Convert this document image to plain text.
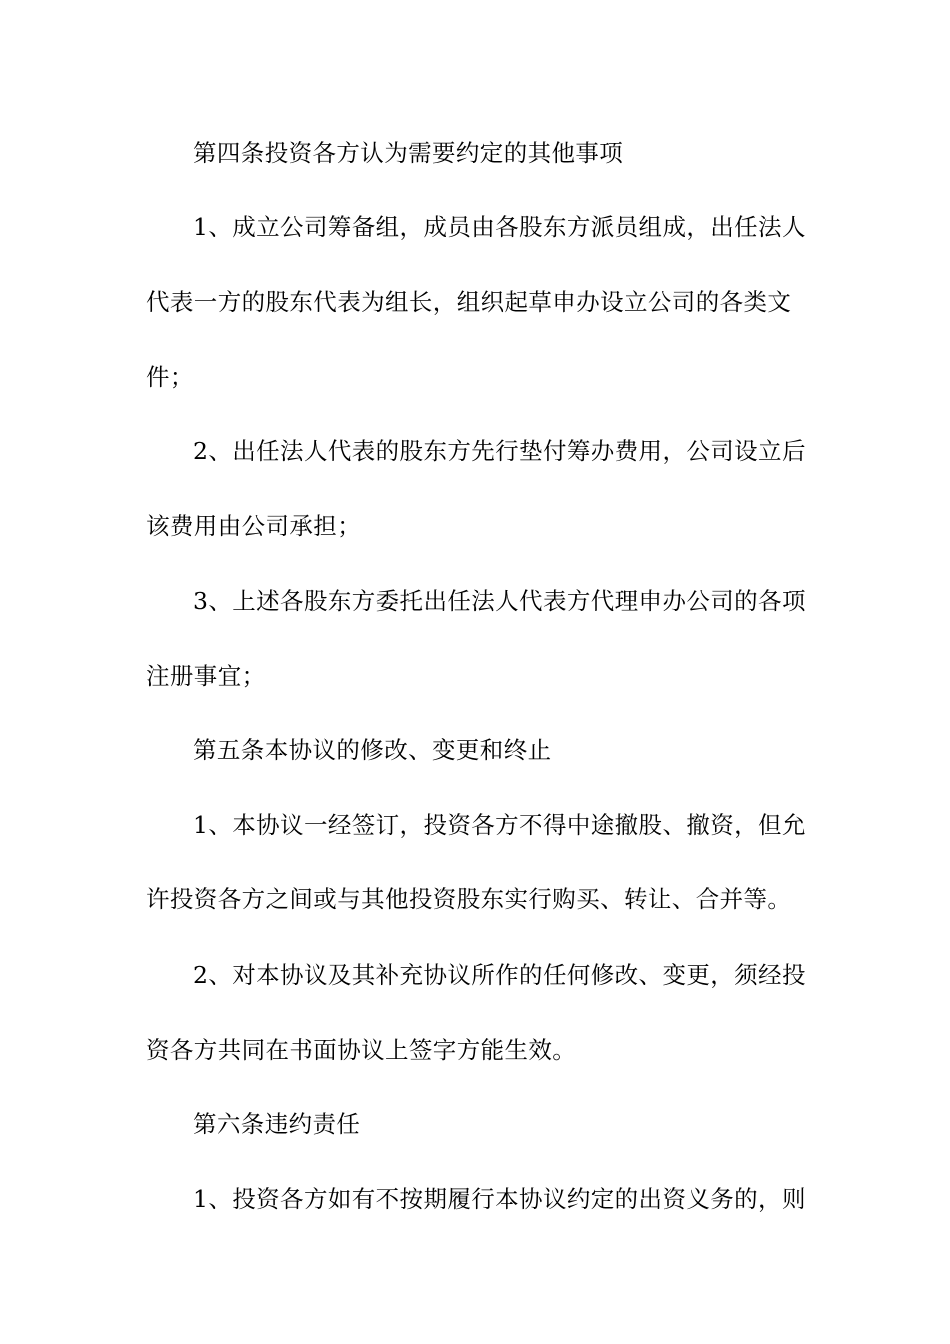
第四条投资各方认为需要约定的其他事项
1、成立公司筹备组，成员由各股东方派员组成，出任法人
代表一方的股东代表为组长，组织起草申办设立公司的各类文
件；
2、出任法人代表的股东方先行垫付筹办费用，公司设立后
该费用由公司承担；
3、上述各股东方委托出任法人代表方代理申办公司的各项
注册事宜；
第五条本协议的修改、变更和终止
1、本协议一经签订，投资各方不得中途撤股、撤资，但允
许投资各方之间或与其他投资股东实行购买、转让、合并等。
2、对本协议及其补充协议所作的任何修改、变更，须经投
资各方共同在书面协议上签字方能生效。
第六条违约责任
1、投资各方如有不按期履行本协议约定的出资义务的，则
